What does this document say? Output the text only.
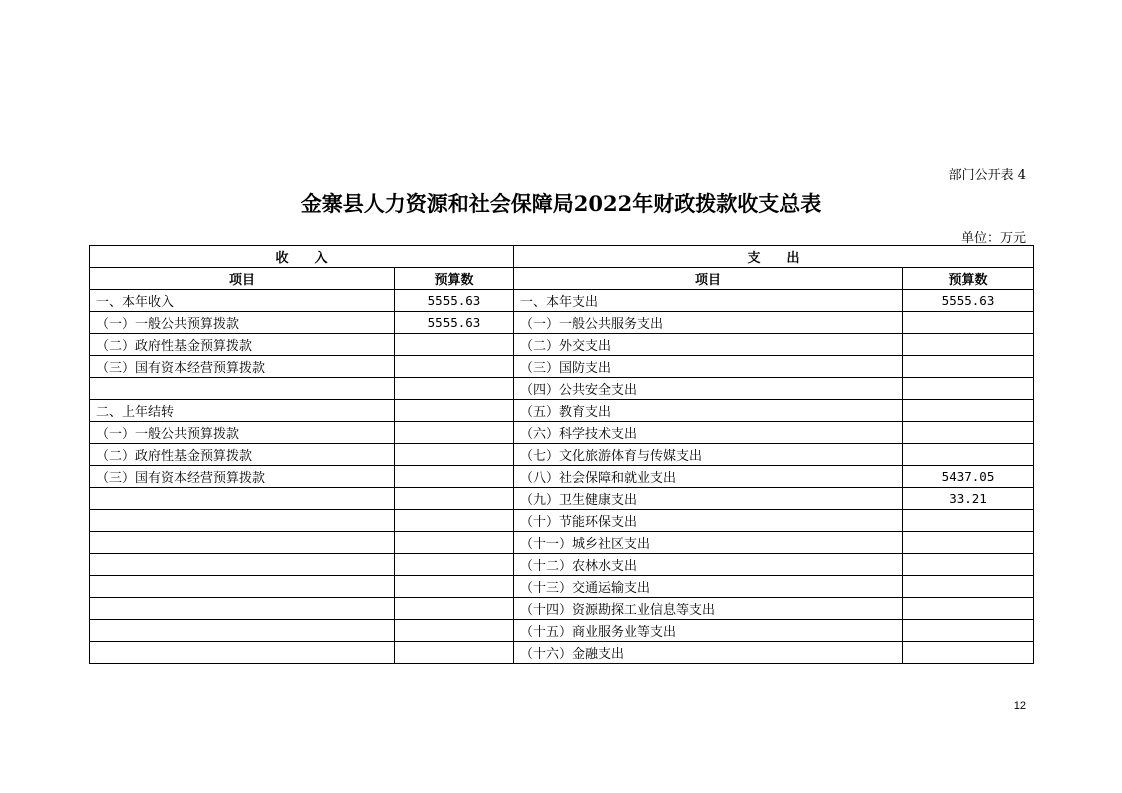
部门公开表 4
金寨县人力资源和社会保障局2022年财政拨款收支总表
单位：万元
收　　入		支　　出	
项目	预算数	项目	预算数
一、本年收入	5555.63	一、本年支出	5555.63
（一）一般公共预算拨款	5555.63	（一）一般公共服务支出	
（二）政府性基金预算拨款		（二）外交支出	
（三）国有资本经营预算拨款		（三）国防支出	
		（四）公共安全支出	
二、上年结转		（五）教育支出	
（一）一般公共预算拨款		（六）科学技术支出	
（二）政府性基金预算拨款		（七）文化旅游体育与传媒支出	
（三）国有资本经营预算拨款		（八）社会保障和就业支出	5437.05
		（九）卫生健康支出	33.21
		（十）节能环保支出	
		（十一）城乡社区支出	
		（十二）农林水支出	
		（十三）交通运输支出	
		（十四）资源勘探工业信息等支出	
		（十五）商业服务业等支出	
		（十六）金融支出	
12
